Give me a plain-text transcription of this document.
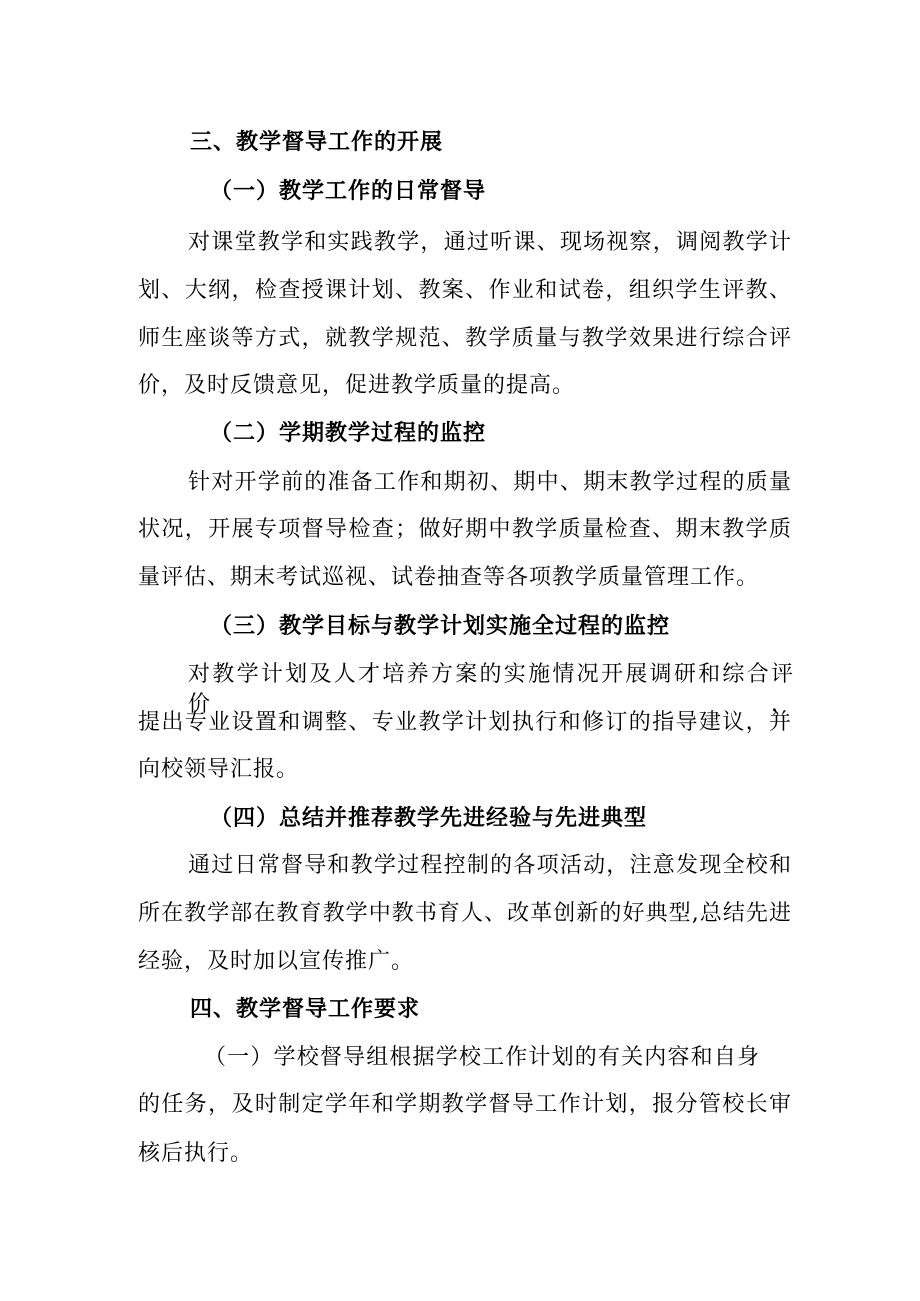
三、教学督导工作的开展
（一）教学工作的日常督导
对课堂教学和实践教学，通过听课、现场视察，调阅教学计
划、大纲，检查授课计划、教案、作业和试卷，组织学生评教、
师生座谈等方式，就教学规范、教学质量与教学效果进行综合评
价，及时反馈意见，促进教学质量的提高。
（二）学期教学过程的监控
针对开学前的准备工作和期初、期中、期末教学过程的质量
状况，开展专项督导检查；做好期中教学质量检查、期末教学质
量评估、期末考试巡视、试卷抽查等各项教学质量管理工作。
（三）教学目标与教学计划实施全过程的监控
对教学计划及人才培养方案的实施情况开展调研和综合评价，
提出专业设置和调整、专业教学计划执行和修订的指导建议，并
向校领导汇报。
（四）总结并推荐教学先进经验与先进典型
通过日常督导和教学过程控制的各项活动，注意发现全校和
所在教学部在教育教学中教书育人、改革创新的好典型,总结先进
经验，及时加以宣传推广。
四、教学督导工作要求
（一）学校督导组根据学校工作计划的有关内容和自身
的任务，及时制定学年和学期教学督导工作计划，报分管校长审
核后执行。
